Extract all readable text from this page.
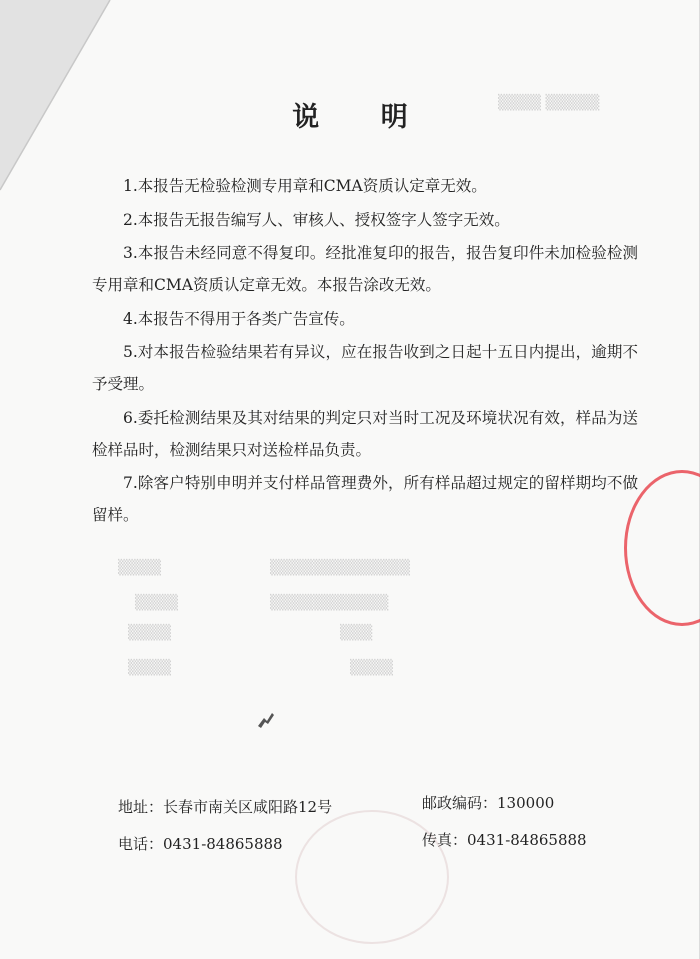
▒▒▒▒ ▒▒▒▒▒
▒▒▒▒	▒▒▒▒▒▒▒▒▒▒▒▒▒
▒▒▒▒	▒▒▒▒▒▒▒▒▒▒▒
▒▒▒▒	▒▒▒
▒▒▒▒	▒▒▒▒
说 明

1.本报告无检验检测专用章和CMA资质认定章无效。

2.本报告无报告编写人、审核人、授权签字人签字无效。

3.本报告未经同意不得复印。经批准复印的报告，报告复印件未加检验检测专用章和CMA资质认定章无效。本报告涂改无效。

4.本报告不得用于各类广告宣传。

5.对本报告检验结果若有异议，应在报告收到之日起十五日内提出，逾期不予受理。

6.委托检测结果及其对结果的判定只对当时工况及环境状况有效，样品为送检样品时，检测结果只对送检样品负责。

7.除客户特别申明并支付样品管理费外，所有样品超过规定的留样期均不做留样。

地址：长春市南关区咸阳路12号	邮政编码：130000
电话：0431-84865888	传真：0431-84865888
